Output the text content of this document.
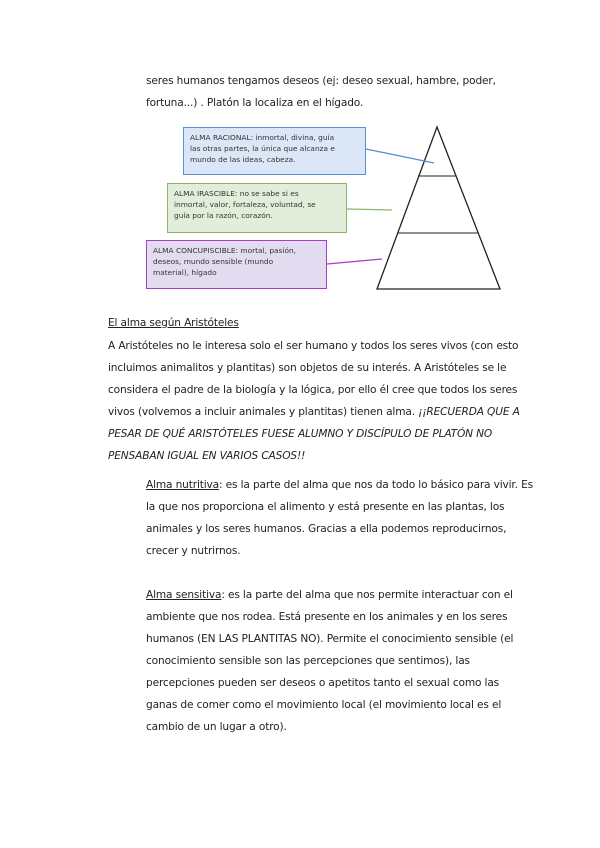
seres humanos tengamos deseos (ej: deseo sexual, hambre, poder,
fortuna...) . Platón la localiza en el hígado.
ALMA RACIONAL: inmortal, divina, guía
las otras partes, la única que alcanza e
mundo de las ideas, cabeza.
ALMA IRASCIBLE: no se sabe si es
inmortal, valor, fortaleza, voluntad, se
guía por la razón, corazón.
ALMA CONCUPISCIBLE: mortal, pasión,
deseos, mundo sensible (mundo
material), hígado
El alma según Aristóteles
A Aristóteles no le interesa solo el ser humano y todos los seres vivos (con esto
incluimos animalitos y plantitas) son objetos de su interés. A Aristóteles se le
considera el padre de la biología y la lógica, por ello él cree que todos los seres
vivos (volvemos a incluir animales y plantitas) tienen alma. ¡¡RECUERDA QUE A
PESAR DE QUÉ ARISTÓTELES FUESE ALUMNO Y DISCÍPULO DE PLATÓN NO
PENSABAN IGUAL EN VARIOS CASOS!!
Alma nutritiva: es la parte del alma que nos da todo lo básico para vivir. Es
la que nos proporciona el alimento y está presente en las plantas, los
animales y los seres humanos. Gracias a ella podemos reproducirnos,
crecer y nutrirnos.
Alma sensitiva: es la parte del alma que nos permite interactuar con el
ambiente que nos rodea. Está presente en los animales y en los seres
humanos (EN LAS PLANTITAS NO). Permite el conocimiento sensible (el
conocimiento sensible son las percepciones que sentimos), las
percepciones pueden ser deseos o apetitos tanto el sexual como las
ganas de comer como el movimiento local (el movimiento local es el
cambio de un lugar a otro).
